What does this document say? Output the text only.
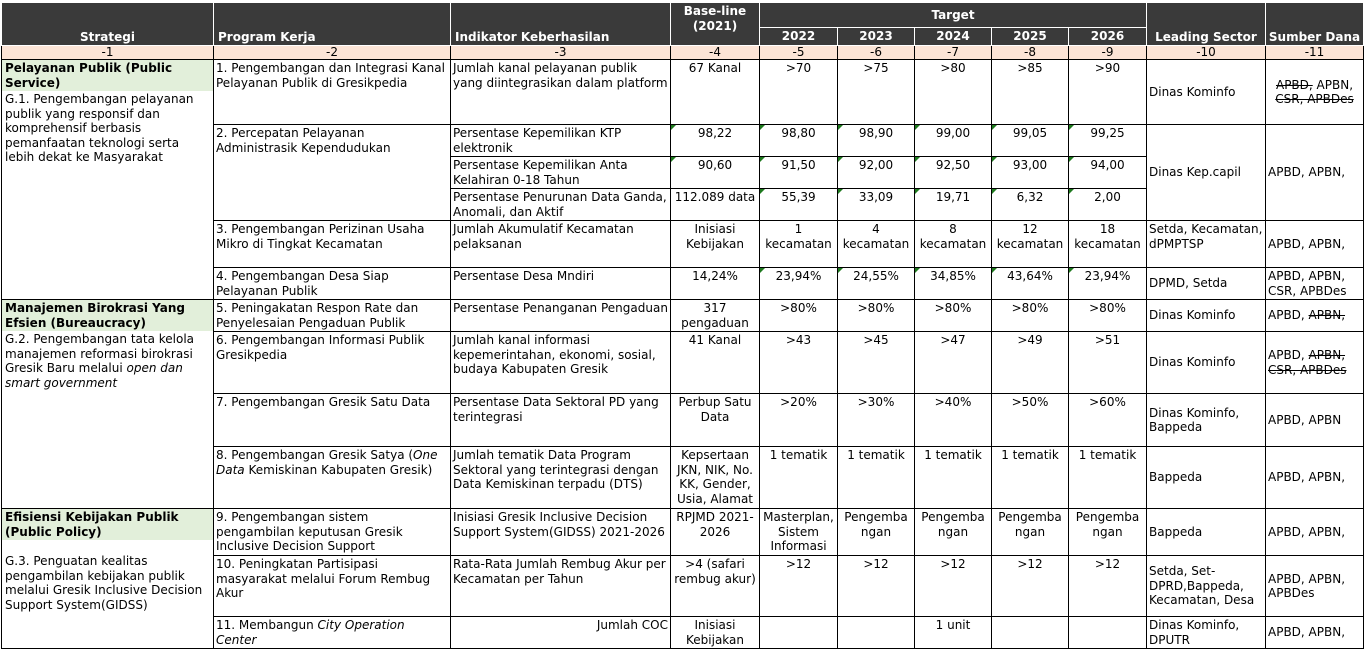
Strategi	Program Kerja	Indikator Keberhasilan	Base-line (2021)	Target					Leading Sector	Sumber Dana
				2022	2023	2024	2025	2026		
-1	-2	-3	-4	-5	-6	-7	-8	-9	-10	-11

Pelayanan Publik (Public Service)
G.1. Pengembangan pelayanan publik yang responsif dan komprehensif berbasis pemanfaatan teknologi serta lebih dekat ke Masyarakat	1. Pengembangan dan Integrasi Kanal Pelayanan Publik di Gresikpedia	Jumlah kanal pelayanan publik yang diintegrasikan dalam platform	67 Kanal	>70	>75	>80	>85	>90	Dinas Kominfo	APBD, APBN, CSR, APBDes
	2. Percepatan Pelayanan Administrasik Kependudukan	Persentase Kepemilikan KTP elektronik	98,22	98,80	98,90	99,00	99,05	99,25	Dinas Kep.capil	APBD, APBN,
		Persentase Kepemilikan Anta Kelahiran 0-18 Tahun	90,60	91,50	92,00	92,50	93,00	94,00		
		Persentase Penurunan Data Ganda, Anomali, dan Aktif	112.089 data	55,39	33,09	19,71	6,32	2,00		
	3. Pengembangan Perizinan Usaha Mikro di Tingkat Kecamatan	Jumlah Akumulatif Kecamatan pelaksanan	Inisiasi Kebijakan	1 kecamatan	4 kecamatan	8 kecamatan	12 kecamatan	18 kecamatan	Setda, Kecamatan, dPMPTSP	APBD, APBN,
	4. Pengembangan Desa Siap Pelayanan Publik	Persentase Desa Mndiri	14,24%	23,94%	24,55%	34,85%	43,64%	23,94%	DPMD, Setda	APBD, APBN, CSR, APBDes

Manajemen Birokrasi Yang Efsien (Bureaucracy)
G.2. Pengembangan tata kelola manajemen reformasi birokrasi Gresik Baru melalui open dan smart government	5. Peningakatan Respon Rate dan Penyelesaian Pengaduan Publik	Persentase Penanganan Pengaduan	317 pengaduan	>80%	>80%	>80%	>80%	>80%	Dinas Kominfo	APBD, APBN,
	6. Pengembangan Informasi Publik Gresikpedia	Jumlah kanal informasi kepemerintahan, ekonomi, sosial, budaya Kabupaten Gresik	41 Kanal	>43	>45	>47	>49	>51	Dinas Kominfo	APBD, APBN, CSR, APBDes
	7. Pengembangan Gresik Satu Data	Persentase Data Sektoral PD yang terintegrasi	Perbup Satu Data	>20%	>30%	>40%	>50%	>60%	Dinas Kominfo, Bappeda	APBD, APBN
	8. Pengembangan Gresik Satya (One Data Kemiskinan Kabupaten Gresik)	Jumlah tematik Data Program Sektoral yang terintegrasi dengan Data Kemiskinan terpadu (DTS)	Kepsertaan JKN, NIK, No. KK, Gender, Usia, Alamat	1 tematik	1 tematik	1 tematik	1 tematik	1 tematik	Bappeda	APBD, APBN,

Efisiensi Kebijakan Publik (Public Policy)
G.3. Penguatan kealitas pengambilan kebijakan publik melalui Gresik Inclusive Decision Support System(GIDSS)	9. Pengembangan sistem pengambilan keputusan Gresik Inclusive Decision Support	Inisiasi Gresik Inclusive Decision Support System(GIDSS) 2021-2026	RPJMD 2021-2026	Masterplan, Sistem Informasi	Pengemba ngan	Pengemba ngan	Pengemba ngan	Pengemba ngan	Bappeda	APBD, APBN,
	10. Peningkatan Partisipasi masyarakat melalui Forum Rembug Akur	Rata-Rata Jumlah Rembug Akur per Kecamatan per Tahun	>4 (safari rembug akur)	>12	>12	>12	>12	>12	Setda, Set-DPRD,Bappeda, Kecamatan, Desa	APBD, APBN, APBDes
	11. Membangun City Operation Center	Jumlah COC	Inisiasi Kebijakan			1 unit			Dinas Kominfo, DPUTR	APBD, APBN,
